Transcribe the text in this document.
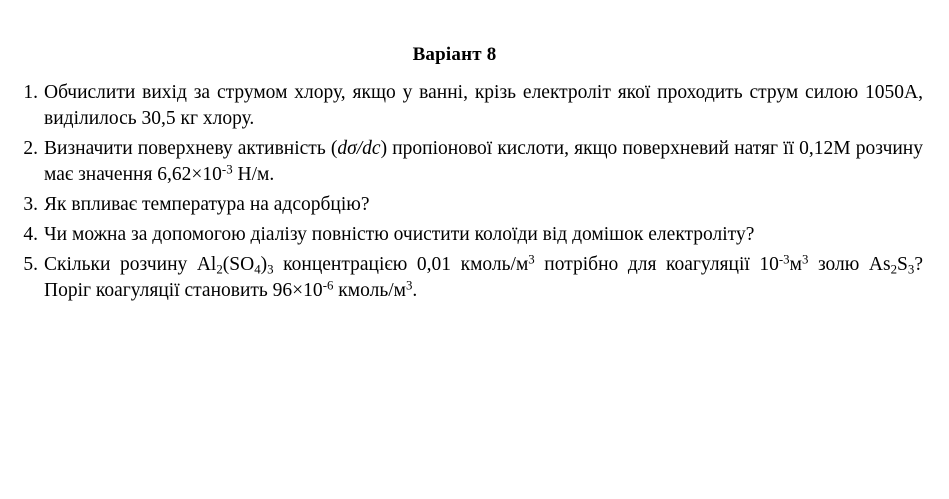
Варіант 8
1. Обчислити вихід за струмом хлору, якщо у ванні, крізь електроліт якої проходить струм силою 1050А, виділилось 30,5 кг хлору.
2. Визначити поверхневу активність (dσ/dc) пропіонової кислоти, якщо поверхневий натяг її 0,12М розчину має значення $6,62\times 10^{-3}$ Н/м.
3. Як впливає температура на адсорбцію?
4. Чи можна за допомогою діалізу повністю очистити колоїди від домішок електроліту?
5. Скільки розчину $Al_2(SO_4)_3$ концентрацією 0,01 кмоль/$м^3$ потрібно для коагуляції $10^{-3}м^3$ золю $As_2S_3$? Поріг коагуляції становить $96\times 10^{-6}$ кмоль/$м^3$.
